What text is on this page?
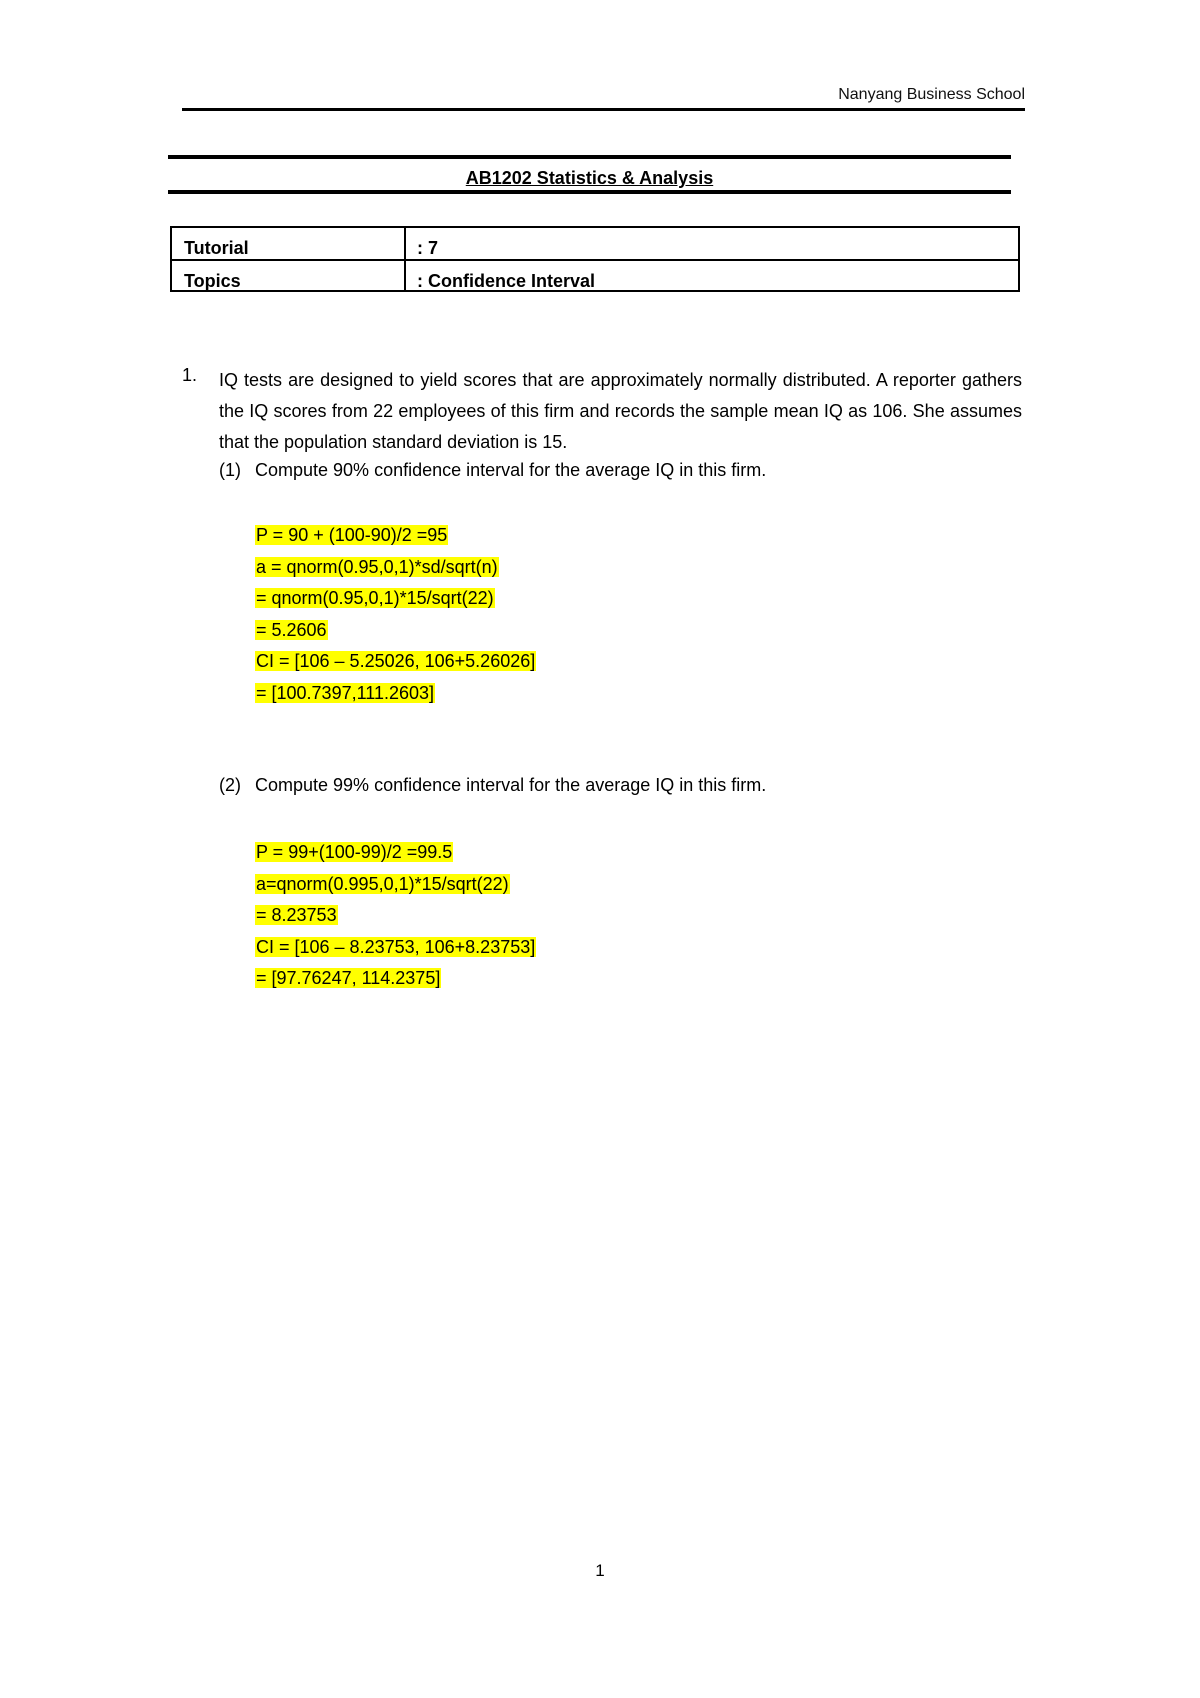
Nanyang Business School
AB1202 Statistics & Analysis
Tutorial	: 7
Topics	: Confidence Interval
1. IQ tests are designed to yield scores that are approximately normally distributed. A reporter gathers the IQ scores from 22 employees of this firm and records the sample mean IQ as 106. She assumes that the population standard deviation is 15.
(1) Compute 90% confidence interval for the average IQ in this firm.
P = 90 + (100-90)/2 =95
a = qnorm(0.95,0,1)*sd/sqrt(n)
= qnorm(0.95,0,1)*15/sqrt(22)
= 5.2606
CI = [106 – 5.25026, 106+5.26026]
= [100.7397,111.2603]
(2) Compute 99% confidence interval for the average IQ in this firm.
P = 99+(100-99)/2 =99.5
a=qnorm(0.995,0,1)*15/sqrt(22)
= 8.23753
CI = [106 – 8.23753, 106+8.23753]
= [97.76247, 114.2375]
1
